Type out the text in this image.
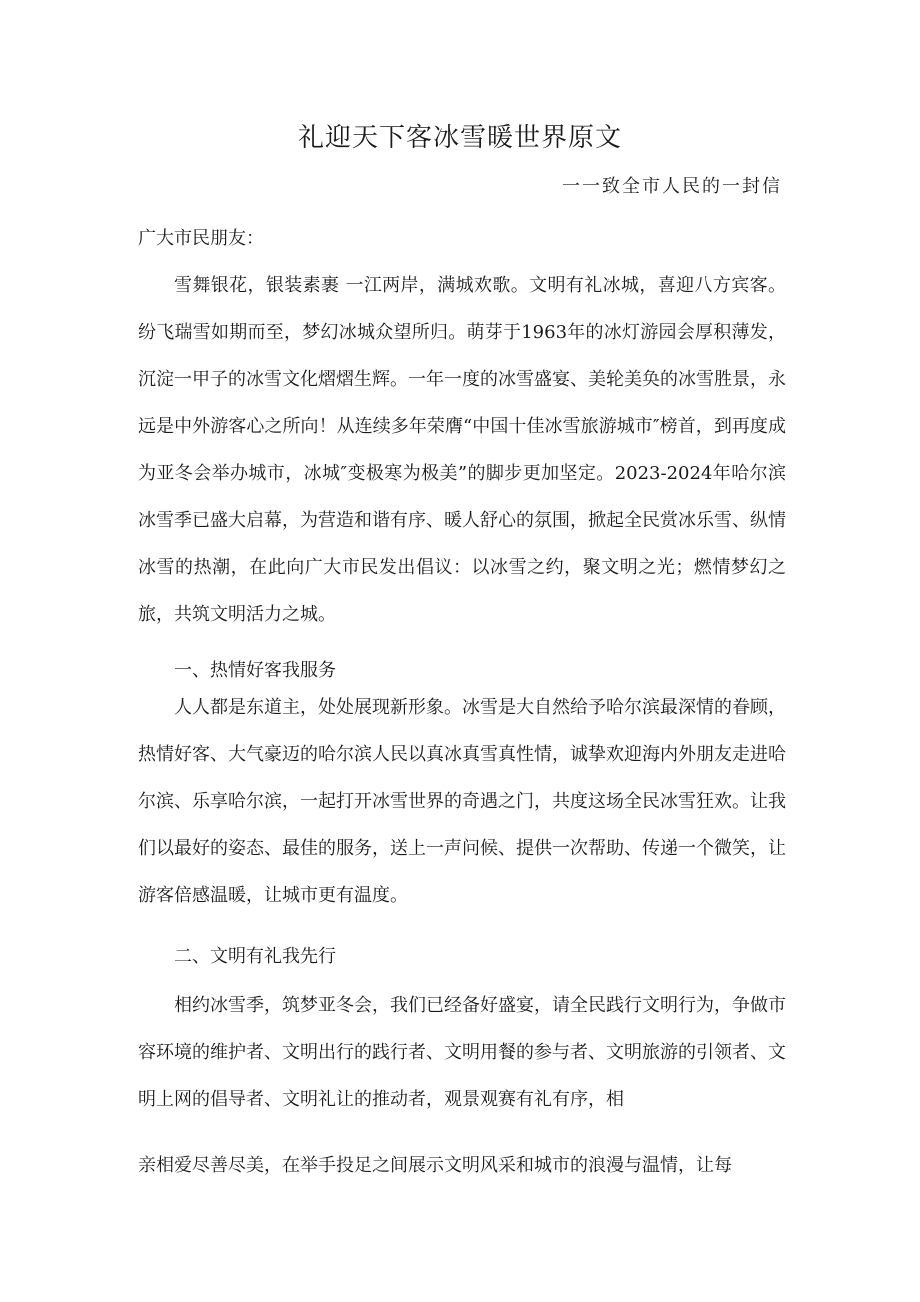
礼迎天下客冰雪暖世界原文
一一致全市人民的一封信
广大市民朋友：

雪舞银花，银装素裹 一江两岸，满城欢歌。文明有礼冰城，喜迎八方宾客。纷飞瑞雪如期而至，梦幻冰城众望所归。萌芽于1963年的冰灯游园会厚积薄发，沉淀一甲子的冰雪文化熠熠生辉。一年一度的冰雪盛宴、美轮美奂的冰雪胜景，永远是中外游客心之所向！从连续多年荣膺“中国十佳冰雪旅游城市″榜首，到再度成为亚冬会举办城市，冰城″变极寒为极美”的脚步更加坚定。2023-2024年哈尔滨冰雪季已盛大启幕，为营造和谐有序、暖人舒心的氛围，掀起全民赏冰乐雪、纵情冰雪的热潮，在此向广大市民发出倡议：以冰雪之约，聚文明之光；燃情梦幻之旅，共筑文明活力之城。

一、热情好客我服务

人人都是东道主，处处展现新形象。冰雪是大自然给予哈尔滨最深情的眷顾，热情好客、大气豪迈的哈尔滨人民以真冰真雪真性情，诚挚欢迎海内外朋友走进哈尔滨、乐享哈尔滨，一起打开冰雪世界的奇遇之门，共度这场全民冰雪狂欢。让我们以最好的姿态、最佳的服务，送上一声问候、提供一次帮助、传递一个微笑，让游客倍感温暖，让城市更有温度。

二、文明有礼我先行

相约冰雪季，筑梦亚冬会，我们已经备好盛宴，请全民践行文明行为，争做市容环境的维护者、文明出行的践行者、文明用餐的参与者、文明旅游的引领者、文明上网的倡导者、文明礼让的推动者，观景观赛有礼有序，相

亲相爱尽善尽美，在举手投足之间展示文明风采和城市的浪漫与温情，让每
